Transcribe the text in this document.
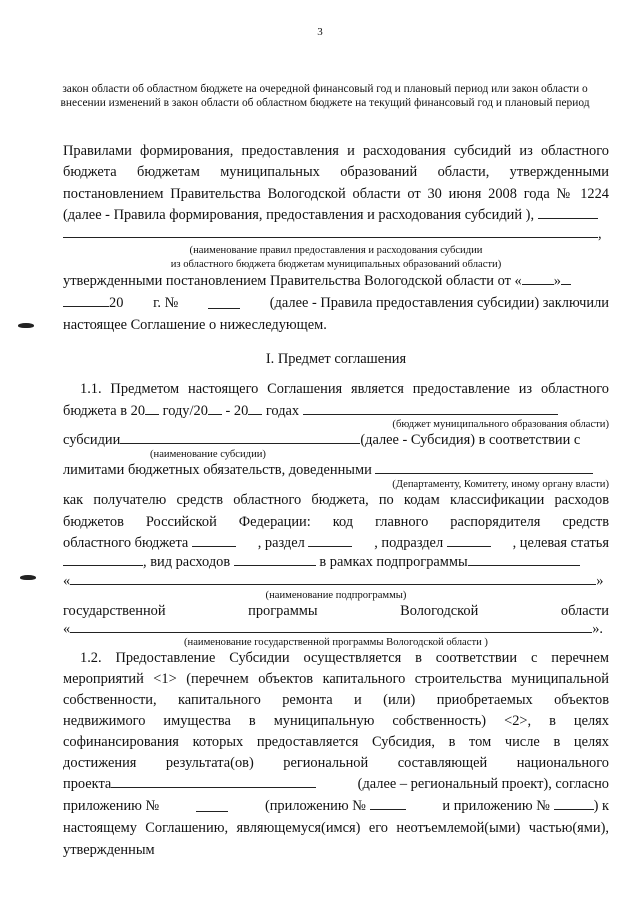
3
закон области об областном бюджете на очередной финансовый год и плановый период или закон области о внесении изменений в закон области об областном бюджете на текущий финансовый год и плановый период
Правилами формирования, предоставления и расходования субсидий из областного
бюджета бюджетам муниципальных образований области, утвержденными
постановлением Правительства Вологодской области от 30 июня 2008 года № 1224
(далее - Правила формирования, предоставления и расходования субсидий ),
,
(наименование правил предоставления и расходования субсидии
из областного бюджета бюджетам муниципальных образований области)
утвержденными постановлением Правительства Вологодской области от « »
20 г. №	(далее - Правила предоставления субсидии) заключили
настоящее Соглашение о нижеследующем.
I. Предмет соглашения
1.1. Предметом настоящего Соглашения является предоставление из областного
бюджета в 20 году/20 - 20 годах
(бюджет муниципального образования области)
субсидии	(далее - Субсидия) в соответствии с
(наименование субсидии)
лимитами бюджетных обязательств, доведенными
(Департаменту, Комитету, иному органу власти)
как получателю средств областного бюджета, по кодам классификации расходов
бюджетов Российской Федерации: код главного распорядителя средств
областного бюджета	, раздел	, подраздел	, целевая статья
, вид расходов	в рамках подпрограммы
«	»
(наименование подпрограммы)
государственной программы Вологодской области
«	».
(наименование государственной программы Вологодской области )
1.2. Предоставление Субсидии осуществляется в соответствии с перечнем
мероприятий <1> (перечнем объектов капитального строительства муниципальной
собственности, капитального ремонта и (или) приобретаемых объектов
недвижимого имущества в муниципальную собственность) <2>, в целях
софинансирования которых предоставляется Субсидия, в том числе в целях
достижения результата(ов) региональной составляющей национального
проекта	(далее – региональный проект), согласно
приложению №	(приложению №	и приложению №	) к
настоящему Соглашению, являющемуся(имся) его неотъемлемой(ыми) частью(ями),
утвержденным
